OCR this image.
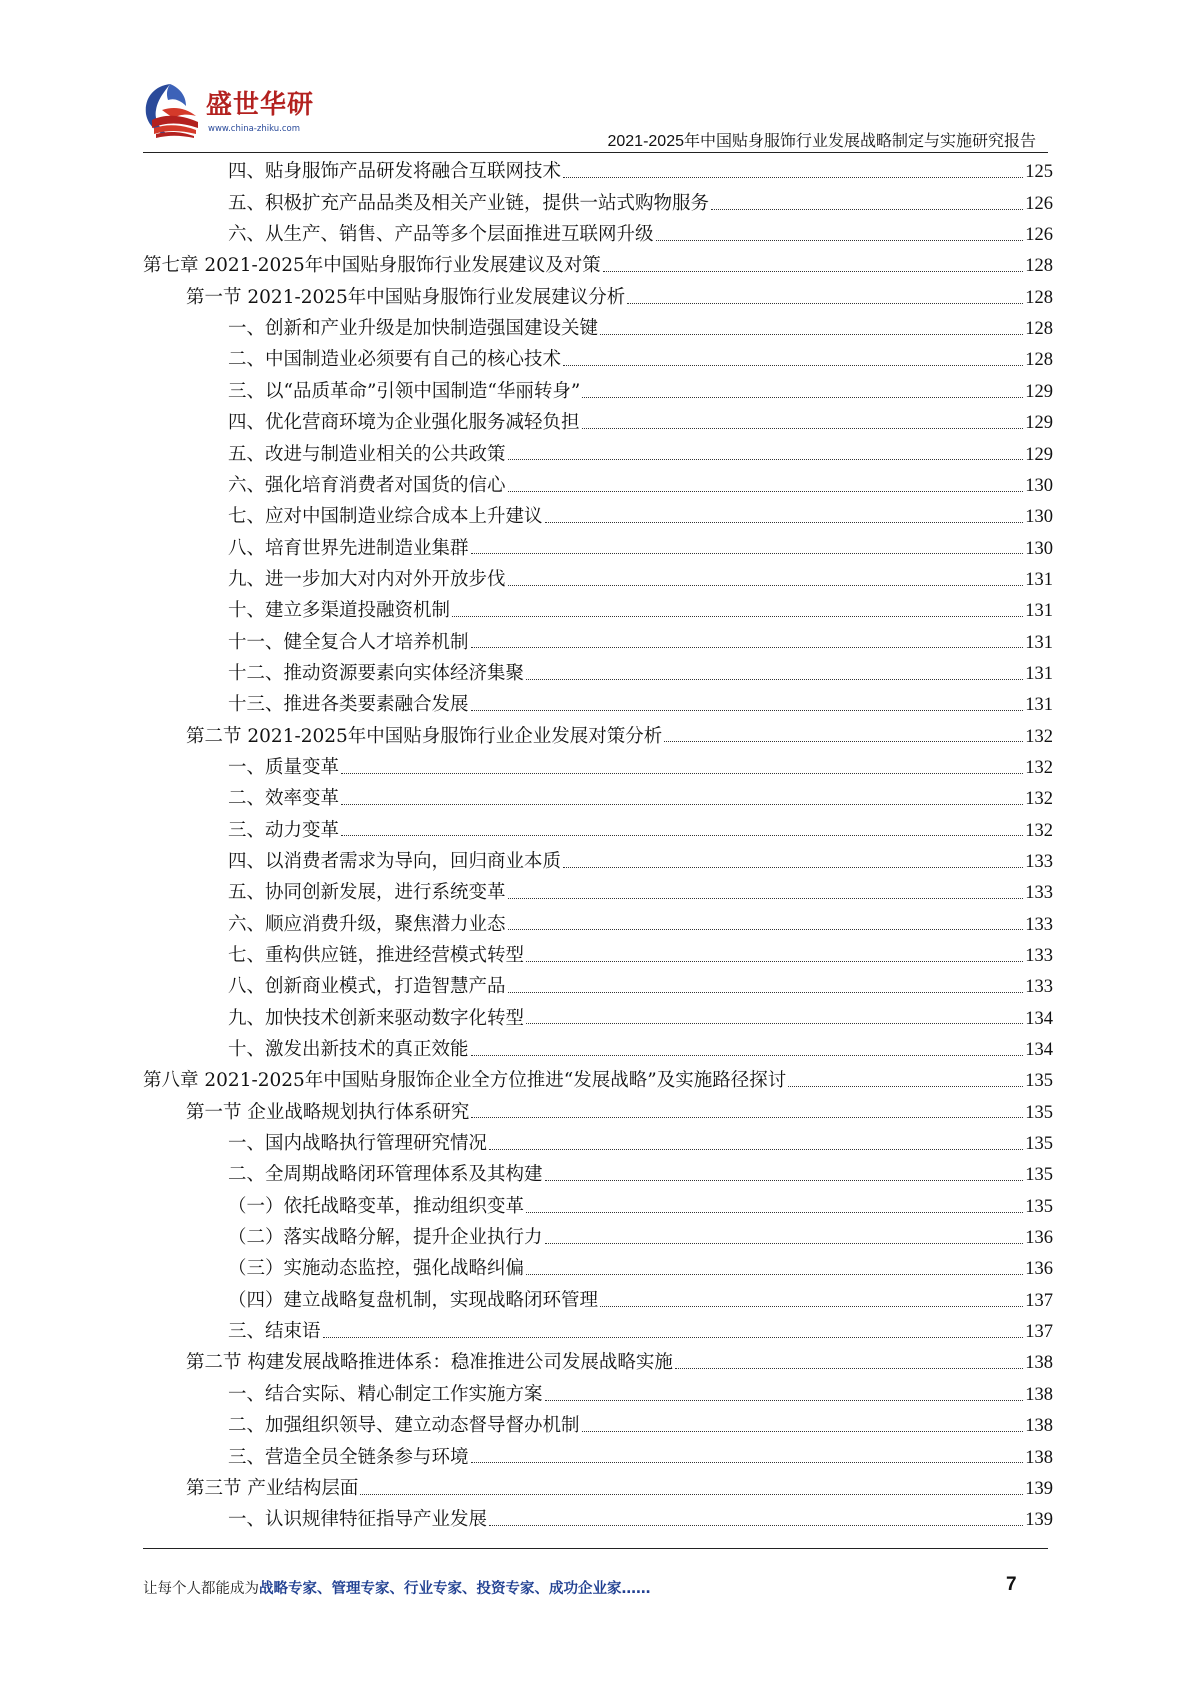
盛世华研
www.china-zhiku.com
2021-2025年中国贴身服饰行业发展战略制定与实施研究报告
四、贴身服饰产品研发将融合互联网技术	125
五、积极扩充产品品类及相关产业链，提供一站式购物服务	126
六、从生产、销售、产品等多个层面推进互联网升级	126
第七章 2021-2025年中国贴身服饰行业发展建议及对策	128
第一节 2021-2025年中国贴身服饰行业发展建议分析	128
一、创新和产业升级是加快制造强国建设关键	128
二、中国制造业必须要有自己的核心技术	128
三、以“品质革命”引领中国制造“华丽转身”	129
四、优化营商环境为企业强化服务减轻负担	129
五、改进与制造业相关的公共政策	129
六、强化培育消费者对国货的信心	130
七、应对中国制造业综合成本上升建议	130
八、培育世界先进制造业集群	130
九、进一步加大对内对外开放步伐	131
十、建立多渠道投融资机制	131
十一、健全复合人才培养机制	131
十二、推动资源要素向实体经济集聚	131
十三、推进各类要素融合发展	131
第二节 2021-2025年中国贴身服饰行业企业发展对策分析	132
一、质量变革	132
二、效率变革	132
三、动力变革	132
四、以消费者需求为导向，回归商业本质	133
五、协同创新发展，进行系统变革	133
六、顺应消费升级，聚焦潜力业态	133
七、重构供应链，推进经营模式转型	133
八、创新商业模式，打造智慧产品	133
九、加快技术创新来驱动数字化转型	134
十、激发出新技术的真正效能	134
第八章 2021-2025年中国贴身服饰企业全方位推进“发展战略”及实施路径探讨	135
第一节 企业战略规划执行体系研究	135
一、国内战略执行管理研究情况	135
二、全周期战略闭环管理体系及其构建	135
（一）依托战略变革，推动组织变革	135
（二）落实战略分解，提升企业执行力	136
（三）实施动态监控，强化战略纠偏	136
（四）建立战略复盘机制，实现战略闭环管理	137
三、结束语	137
第二节 构建发展战略推进体系：稳准推进公司发展战略实施	138
一、结合实际、精心制定工作实施方案	138
二、加强组织领导、建立动态督导督办机制	138
三、营造全员全链条参与环境	138
第三节 产业结构层面	139
一、认识规律特征指导产业发展	139
让每个人都能成为战略专家、管理专家、行业专家、投资专家、成功企业家……	7
